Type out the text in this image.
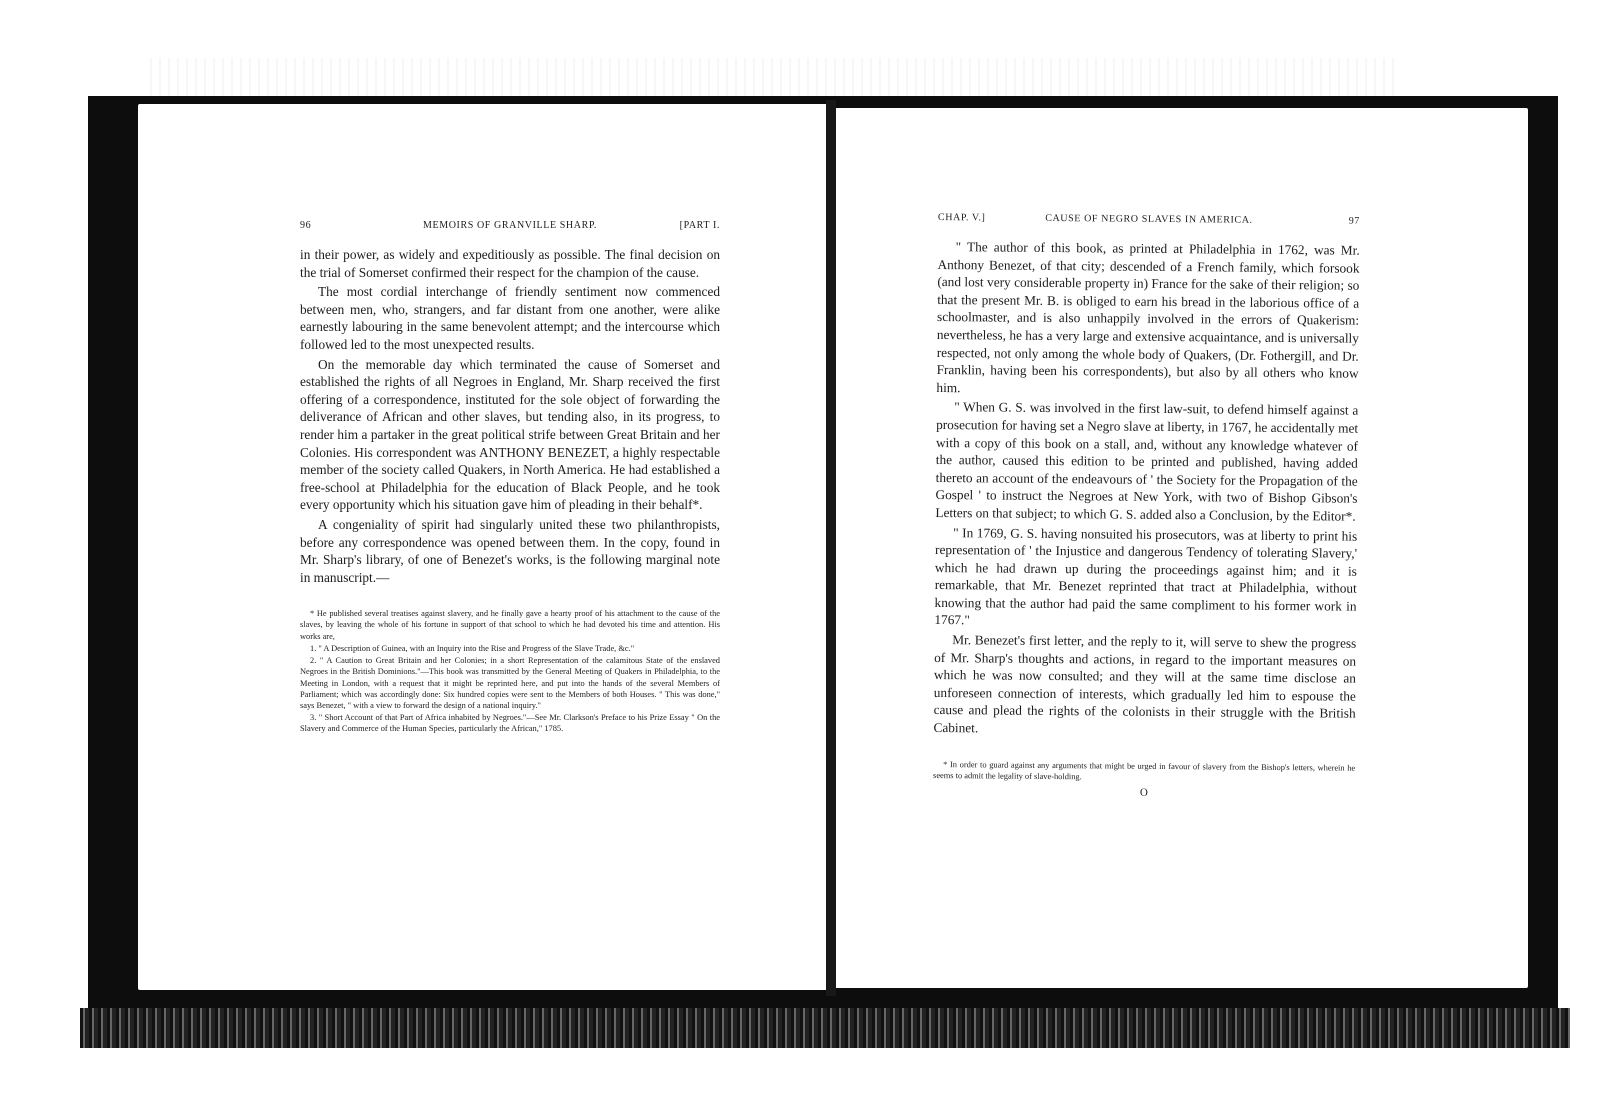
96	MEMOIRS OF GRANVILLE SHARP.	[PART I.

in their power, as widely and expeditiously as possible. The final decision on the trial of Somerset confirmed their respect for the champion of the cause.

The most cordial interchange of friendly sentiment now commenced between men, who, strangers, and far distant from one another, were alike earnestly labouring in the same benevolent attempt; and the intercourse which followed led to the most unexpected results.

On the memorable day which terminated the cause of Somerset and established the rights of all Negroes in England, Mr. Sharp received the first offering of a correspondence, instituted for the sole object of forwarding the deliverance of African and other slaves, but tending also, in its progress, to render him a partaker in the great political strife between Great Britain and her Colonies. His correspondent was ANTHONY BENEZET, a highly respectable member of the society called Quakers, in North America. He had established a free-school at Philadelphia for the education of Black People, and he took every opportunity which his situation gave him of pleading in their behalf*.

A congeniality of spirit had singularly united these two philanthropists, before any correspondence was opened between them. In the copy, found in Mr. Sharp's library, of one of Benezet's works, is the following marginal note in manuscript.—

* He published several treatises against slavery, and he finally gave a hearty proof of his attachment to the cause of the slaves, by leaving the whole of his fortune in support of that school to which he had devoted his time and attention. His works are,

1. " A Description of Guinea, with an Inquiry into the Rise and Progress of the Slave Trade, &c."

2. " A Caution to Great Britain and her Colonies; in a short Representation of the calamitous State of the enslaved Negroes in the British Dominions."—This book was transmitted by the General Meeting of Quakers in Philadelphia, to the Meeting in London, with a request that it might be reprinted here, and put into the hands of the several Members of Parliament; which was accordingly done: Six hundred copies were sent to the Members of both Houses. " This was done," says Benezet, " with a view to forward the design of a national inquiry."

3. " Short Account of that Part of Africa inhabited by Negroes."—See Mr. Clarkson's Preface to his Prize Essay " On the Slavery and Commerce of the Human Species, particularly the African," 1785.

CHAP. V.]	CAUSE OF NEGRO SLAVES IN AMERICA.	97

" The author of this book, as printed at Philadelphia in 1762, was Mr. Anthony Benezet, of that city; descended of a French family, which forsook (and lost very considerable property in) France for the sake of their religion; so that the present Mr. B. is obliged to earn his bread in the laborious office of a schoolmaster, and is also unhappily involved in the errors of Quakerism: nevertheless, he has a very large and extensive acquaintance, and is universally respected, not only among the whole body of Quakers, (Dr. Fothergill, and Dr. Franklin, having been his correspondents), but also by all others who know him.

" When G. S. was involved in the first law-suit, to defend himself against a prosecution for having set a Negro slave at liberty, in 1767, he accidentally met with a copy of this book on a stall, and, without any knowledge whatever of the author, caused this edition to be printed and published, having added thereto an account of the endeavours of ' the Society for the Propagation of the Gospel ' to instruct the Negroes at New York, with two of Bishop Gibson's Letters on that subject; to which G. S. added also a Conclusion, by the Editor*.

" In 1769, G. S. having nonsuited his prosecutors, was at liberty to print his representation of ' the Injustice and dangerous Tendency of tolerating Slavery,' which he had drawn up during the proceedings against him; and it is remarkable, that Mr. Benezet reprinted that tract at Philadelphia, without knowing that the author had paid the same compliment to his former work in 1767."

Mr. Benezet's first letter, and the reply to it, will serve to shew the progress of Mr. Sharp's thoughts and actions, in regard to the important measures on which he was now consulted; and they will at the same time disclose an unforeseen connection of interests, which gradually led him to espouse the cause and plead the rights of the colonists in their struggle with the British Cabinet.

* In order to guard against any arguments that might be urged in favour of slavery from the Bishop's letters, wherein he seems to admit the legality of slave-holding.

O
